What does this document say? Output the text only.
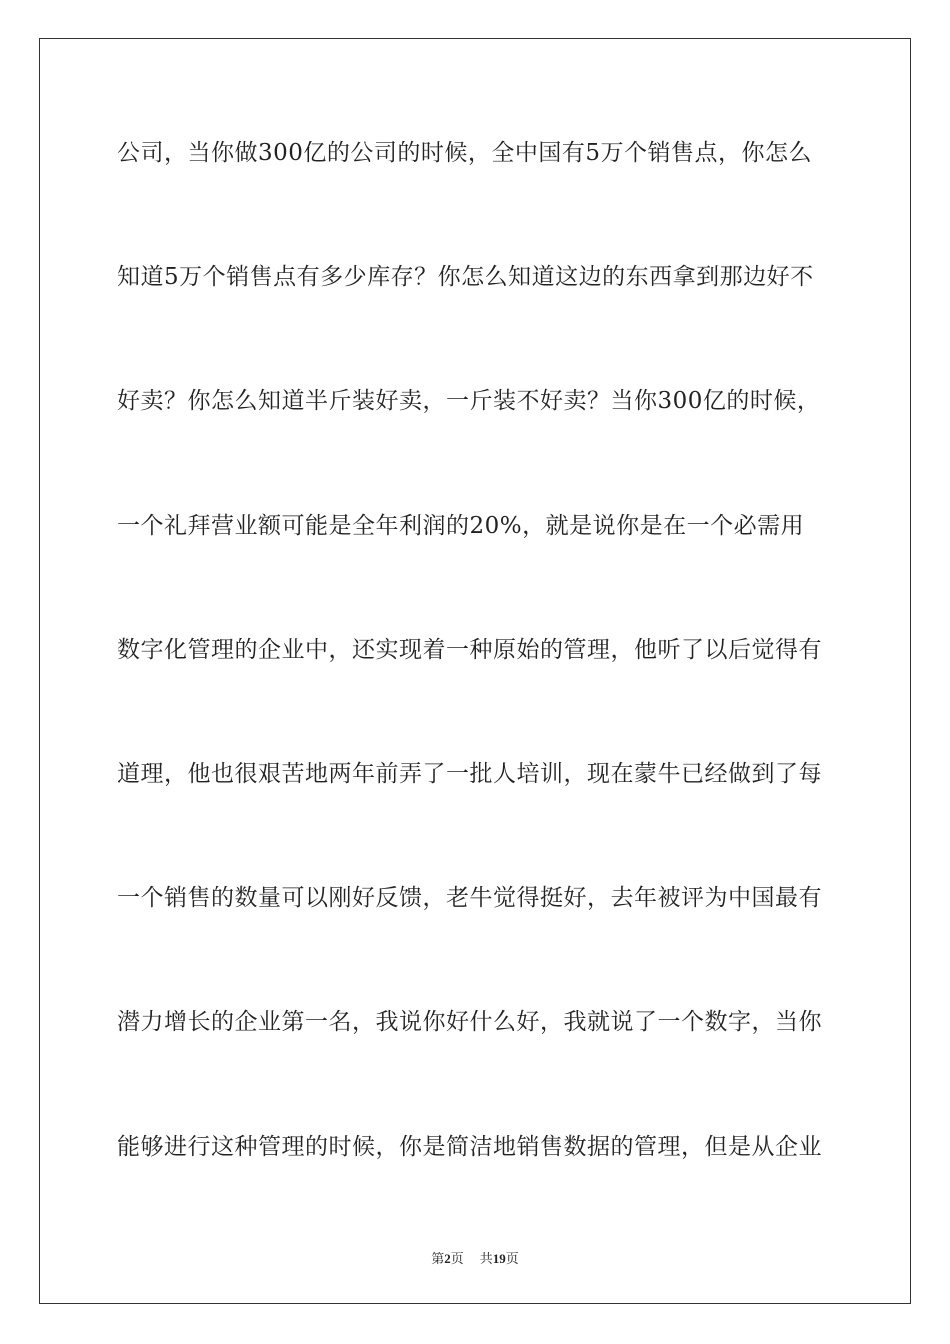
公司，当你做300亿的公司的时候，全中国有5万个销售点，你怎么
知道5万个销售点有多少库存？你怎么知道这边的东西拿到那边好不
好卖？你怎么知道半斤装好卖，一斤装不好卖？当你300亿的时候，
一个礼拜营业额可能是全年利润的20%，就是说你是在一个必需用
数字化管理的企业中，还实现着一种原始的管理，他听了以后觉得有
道理，他也很艰苦地两年前弄了一批人培训，现在蒙牛已经做到了每
一个销售的数量可以刚好反馈，老牛觉得挺好，去年被评为中国最有
潜力增长的企业第一名，我说你好什么好，我就说了一个数字，当你
能够进行这种管理的时候，你是简洁地销售数据的管理，但是从企业
第2页 共19页
